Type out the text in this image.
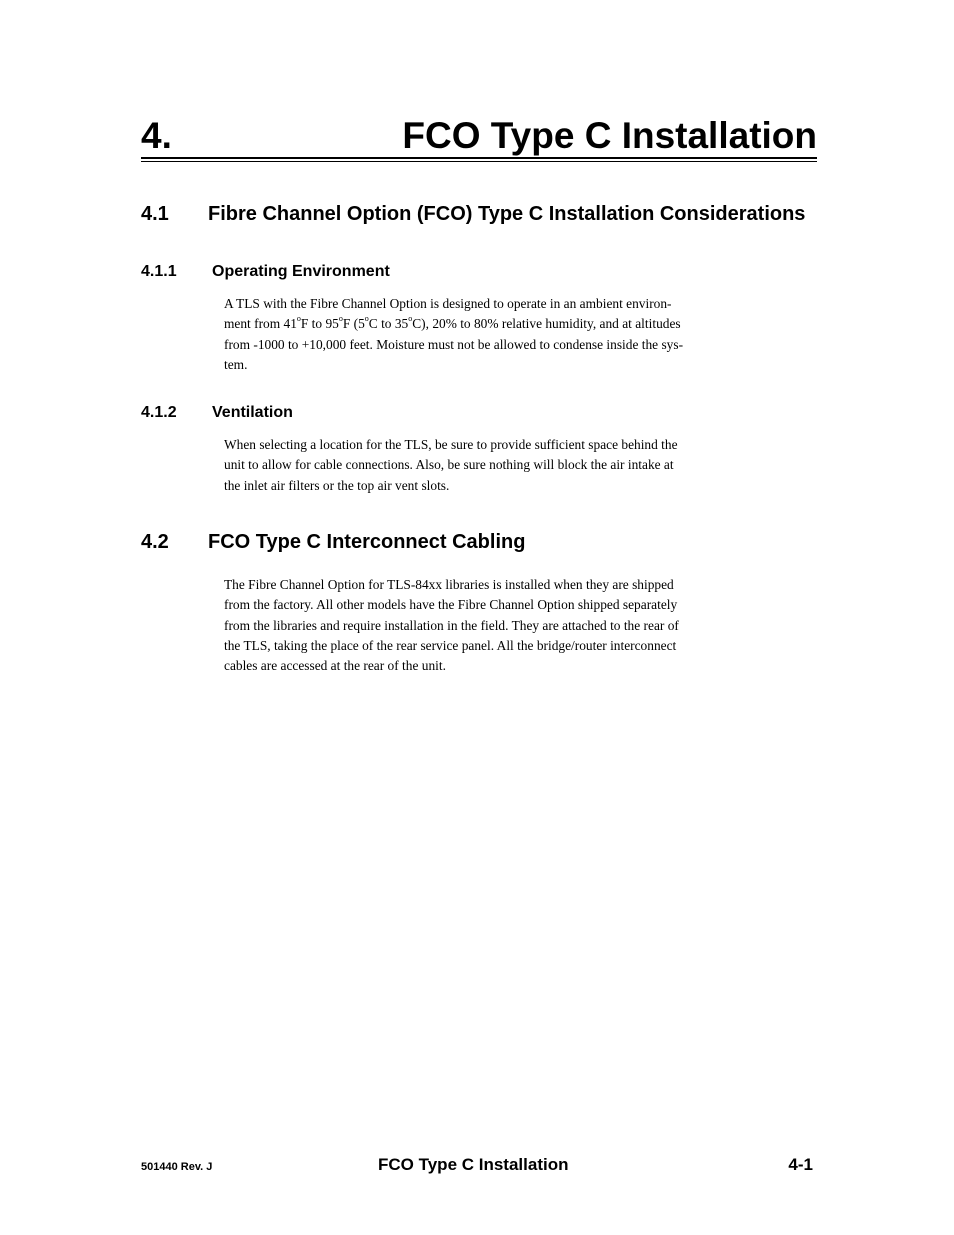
4.	FCO Type C Installation
4.1 Fibre Channel Option (FCO) Type C Installation Considerations
4.1.1 Operating Environment
A TLS with the Fibre Channel Option is designed to operate in an ambient environ-
ment from 41$^o$F to 95$^o$F (5$^o$C to 35$^o$C), 20% to 80% relative humidity, and at altitudes
from -1000 to +10,000 feet. Moisture must not be allowed to condense inside the sys-
tem.
4.1.2 Ventilation
When selecting a location for the TLS, be sure to provide sufficient space behind the
unit to allow for cable connections. Also, be sure nothing will block the air intake at
the inlet air filters or the top air vent slots.
4.2 FCO Type C Interconnect Cabling
The Fibre Channel Option for TLS-84xx libraries is installed when they are shipped
from the factory. All other models have the Fibre Channel Option shipped separately
from the libraries and require installation in the field. They are attached to the rear of
the TLS, taking the place of the rear service panel. All the bridge/router interconnect
cables are accessed at the rear of the unit.
501440 Rev. J	FCO Type C Installation	4-1
